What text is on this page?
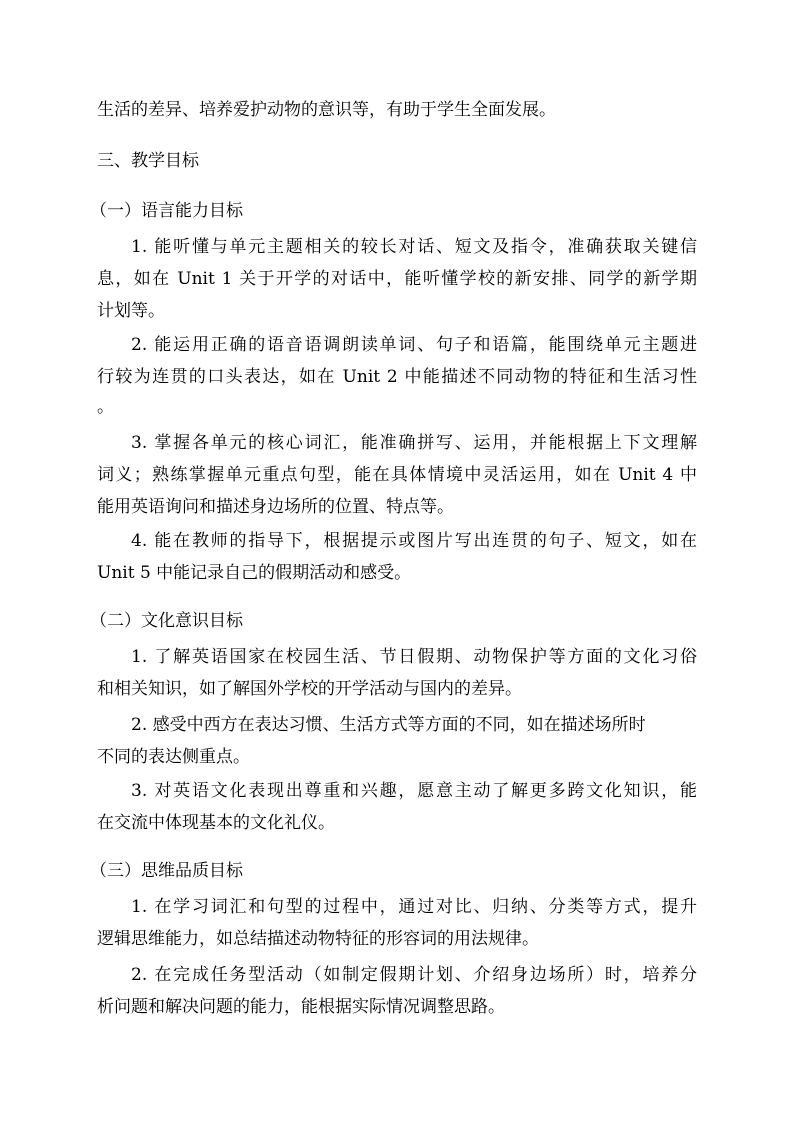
生活的差异、培养爱护动物的意识等，有助于学生全面发展。
三、教学目标
（一）语言能力目标
1. 能听懂与单元主题相关的较长对话、短文及指令，准确获取关键信
息，如在 Unit 1 关于开学的对话中，能听懂学校的新安排、同学的新学期
计划等。
2. 能运用正确的语音语调朗读单词、句子和语篇，能围绕单元主题进
行较为连贯的口头表达，如在 Unit 2 中能描述不同动物的特征和生活习性
。
3. 掌握各单元的核心词汇，能准确拼写、运用，并能根据上下文理解
词义；熟练掌握单元重点句型，能在具体情境中灵活运用，如在 Unit 4 中
能用英语询问和描述身边场所的位置、特点等。
4. 能在教师的指导下，根据提示或图片写出连贯的句子、短文，如在
Unit 5 中能记录自己的假期活动和感受。
（二）文化意识目标
1. 了解英语国家在校园生活、节日假期、动物保护等方面的文化习俗
和相关知识，如了解国外学校的开学活动与国内的差异。
2. 感受中西方在表达习惯、生活方式等方面的不同，如在描述场所时
不同的表达侧重点。
3. 对英语文化表现出尊重和兴趣，愿意主动了解更多跨文化知识，能
在交流中体现基本的文化礼仪。
（三）思维品质目标
1. 在学习词汇和句型的过程中，通过对比、归纳、分类等方式，提升
逻辑思维能力，如总结描述动物特征的形容词的用法规律。
2. 在完成任务型活动（如制定假期计划、介绍身边场所）时，培养分
析问题和解决问题的能力，能根据实际情况调整思路。
